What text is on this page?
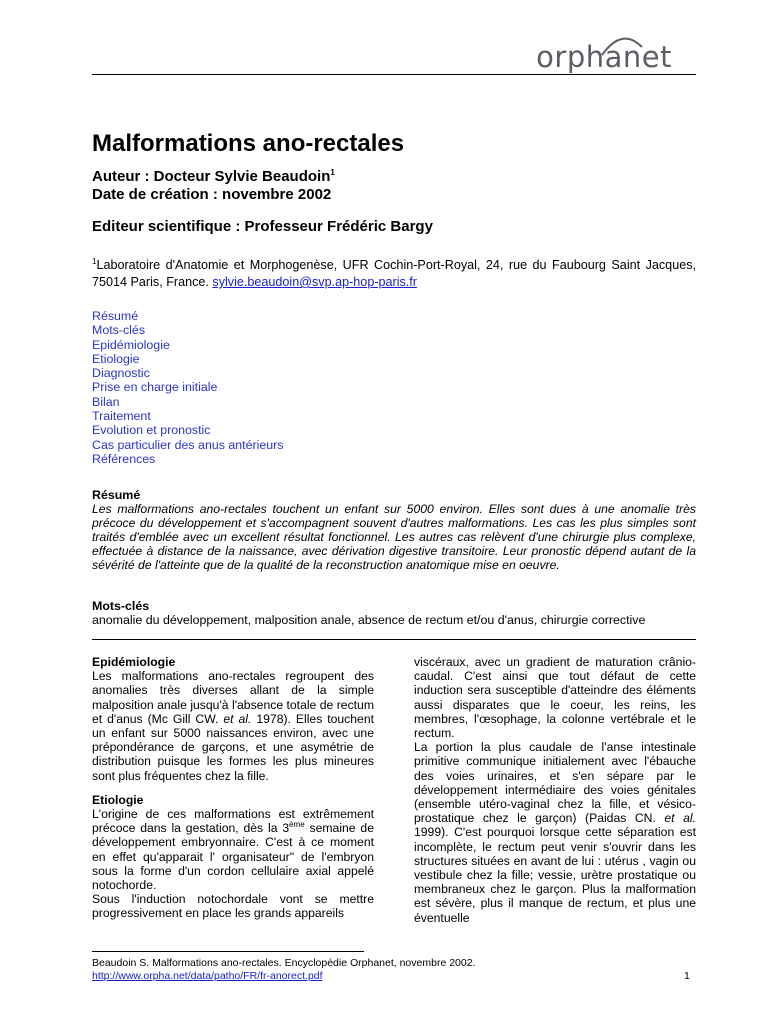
orphanet
Malformations ano-rectales
Auteur : Docteur Sylvie Beaudoin$^1$
Date de création : novembre 2002
Editeur scientifique : Professeur Frédéric Bargy
$^1$Laboratoire d'Anatomie et Morphogenèse, UFR Cochin-Port-Royal, 24, rue du Faubourg Saint Jacques, 75014 Paris, France. sylvie.beaudoin@svp.ap-hop-paris.fr
Résumé
Mots-clés
Epidémiologie
Etiologie
Diagnostic
Prise en charge initiale
Bilan
Traitement
Evolution et pronostic
Cas particulier des anus antérieurs
Références
Résumé
Les malformations ano-rectales touchent un enfant sur 5000 environ. Elles sont dues à une anomalie très précoce du développement et s'accompagnent souvent d'autres malformations. Les cas les plus simples sont traités d'emblée avec un excellent résultat fonctionnel. Les autres cas relèvent d'une chirurgie plus complexe, effectuée à distance de la naissance, avec dérivation digestive transitoire. Leur pronostic dépend autant de la sévérité de l'atteinte que de la qualité de la reconstruction anatomique mise en oeuvre.
Mots-clés
anomalie du développement, malposition anale, absence de rectum et/ou d'anus, chirurgie corrective

Epidémiologie

Les malformations ano-rectales regroupent des anomalies très diverses allant de la simple malposition anale jusqu'à l'absence totale de rectum et d'anus (Mc Gill CW. et al. 1978). Elles touchent un enfant sur 5000 naissances environ, avec une prépondérance de garçons, et une asymétrie de distribution puisque les formes les plus mineures sont plus fréquentes chez la fille.

Etiologie

L'origine de ces malformations est extrêmement précoce dans la gestation, dès la 3ème semaine de développement embryonnaire. C'est à ce moment en effet qu'apparait l' organisateur" de l'embryon sous la forme d'un cordon cellulaire axial appelé notochorde.

Sous l'induction notochordale vont se mettre progressivement en place les grands appareils

viscéraux, avec un gradient de maturation crânio-caudal. C'est ainsi que tout défaut de cette induction sera susceptible d'atteindre des éléments aussi disparates que le coeur, les reins, les membres, l'œsophage, la colonne vertébrale et le rectum.

La portion la plus caudale de l'anse intestinale primitive communique initialement avec l'ébauche des voies urinaires, et s'en sépare par le développement intermédiaire des voies génitales (ensemble utéro-vaginal chez la fille, et vésico-prostatique chez le garçon) (Paidas CN. et al. 1999). C'est pourquoi lorsque cette séparation est incomplète, le rectum peut venir s'ouvrir dans les structures situées en avant de lui : utérus , vagin ou vestibule chez la fille; vessie, urètre prostatique ou membraneux chez le garçon. Plus la malformation est sévère, plus il manque de rectum, et plus une éventuelle

Beaudoin S. Malformations ano-rectales. Encyclopédie Orphanet, novembre 2002.
http://www.orpha.net/data/patho/FR/fr-anorect.pdf	1
